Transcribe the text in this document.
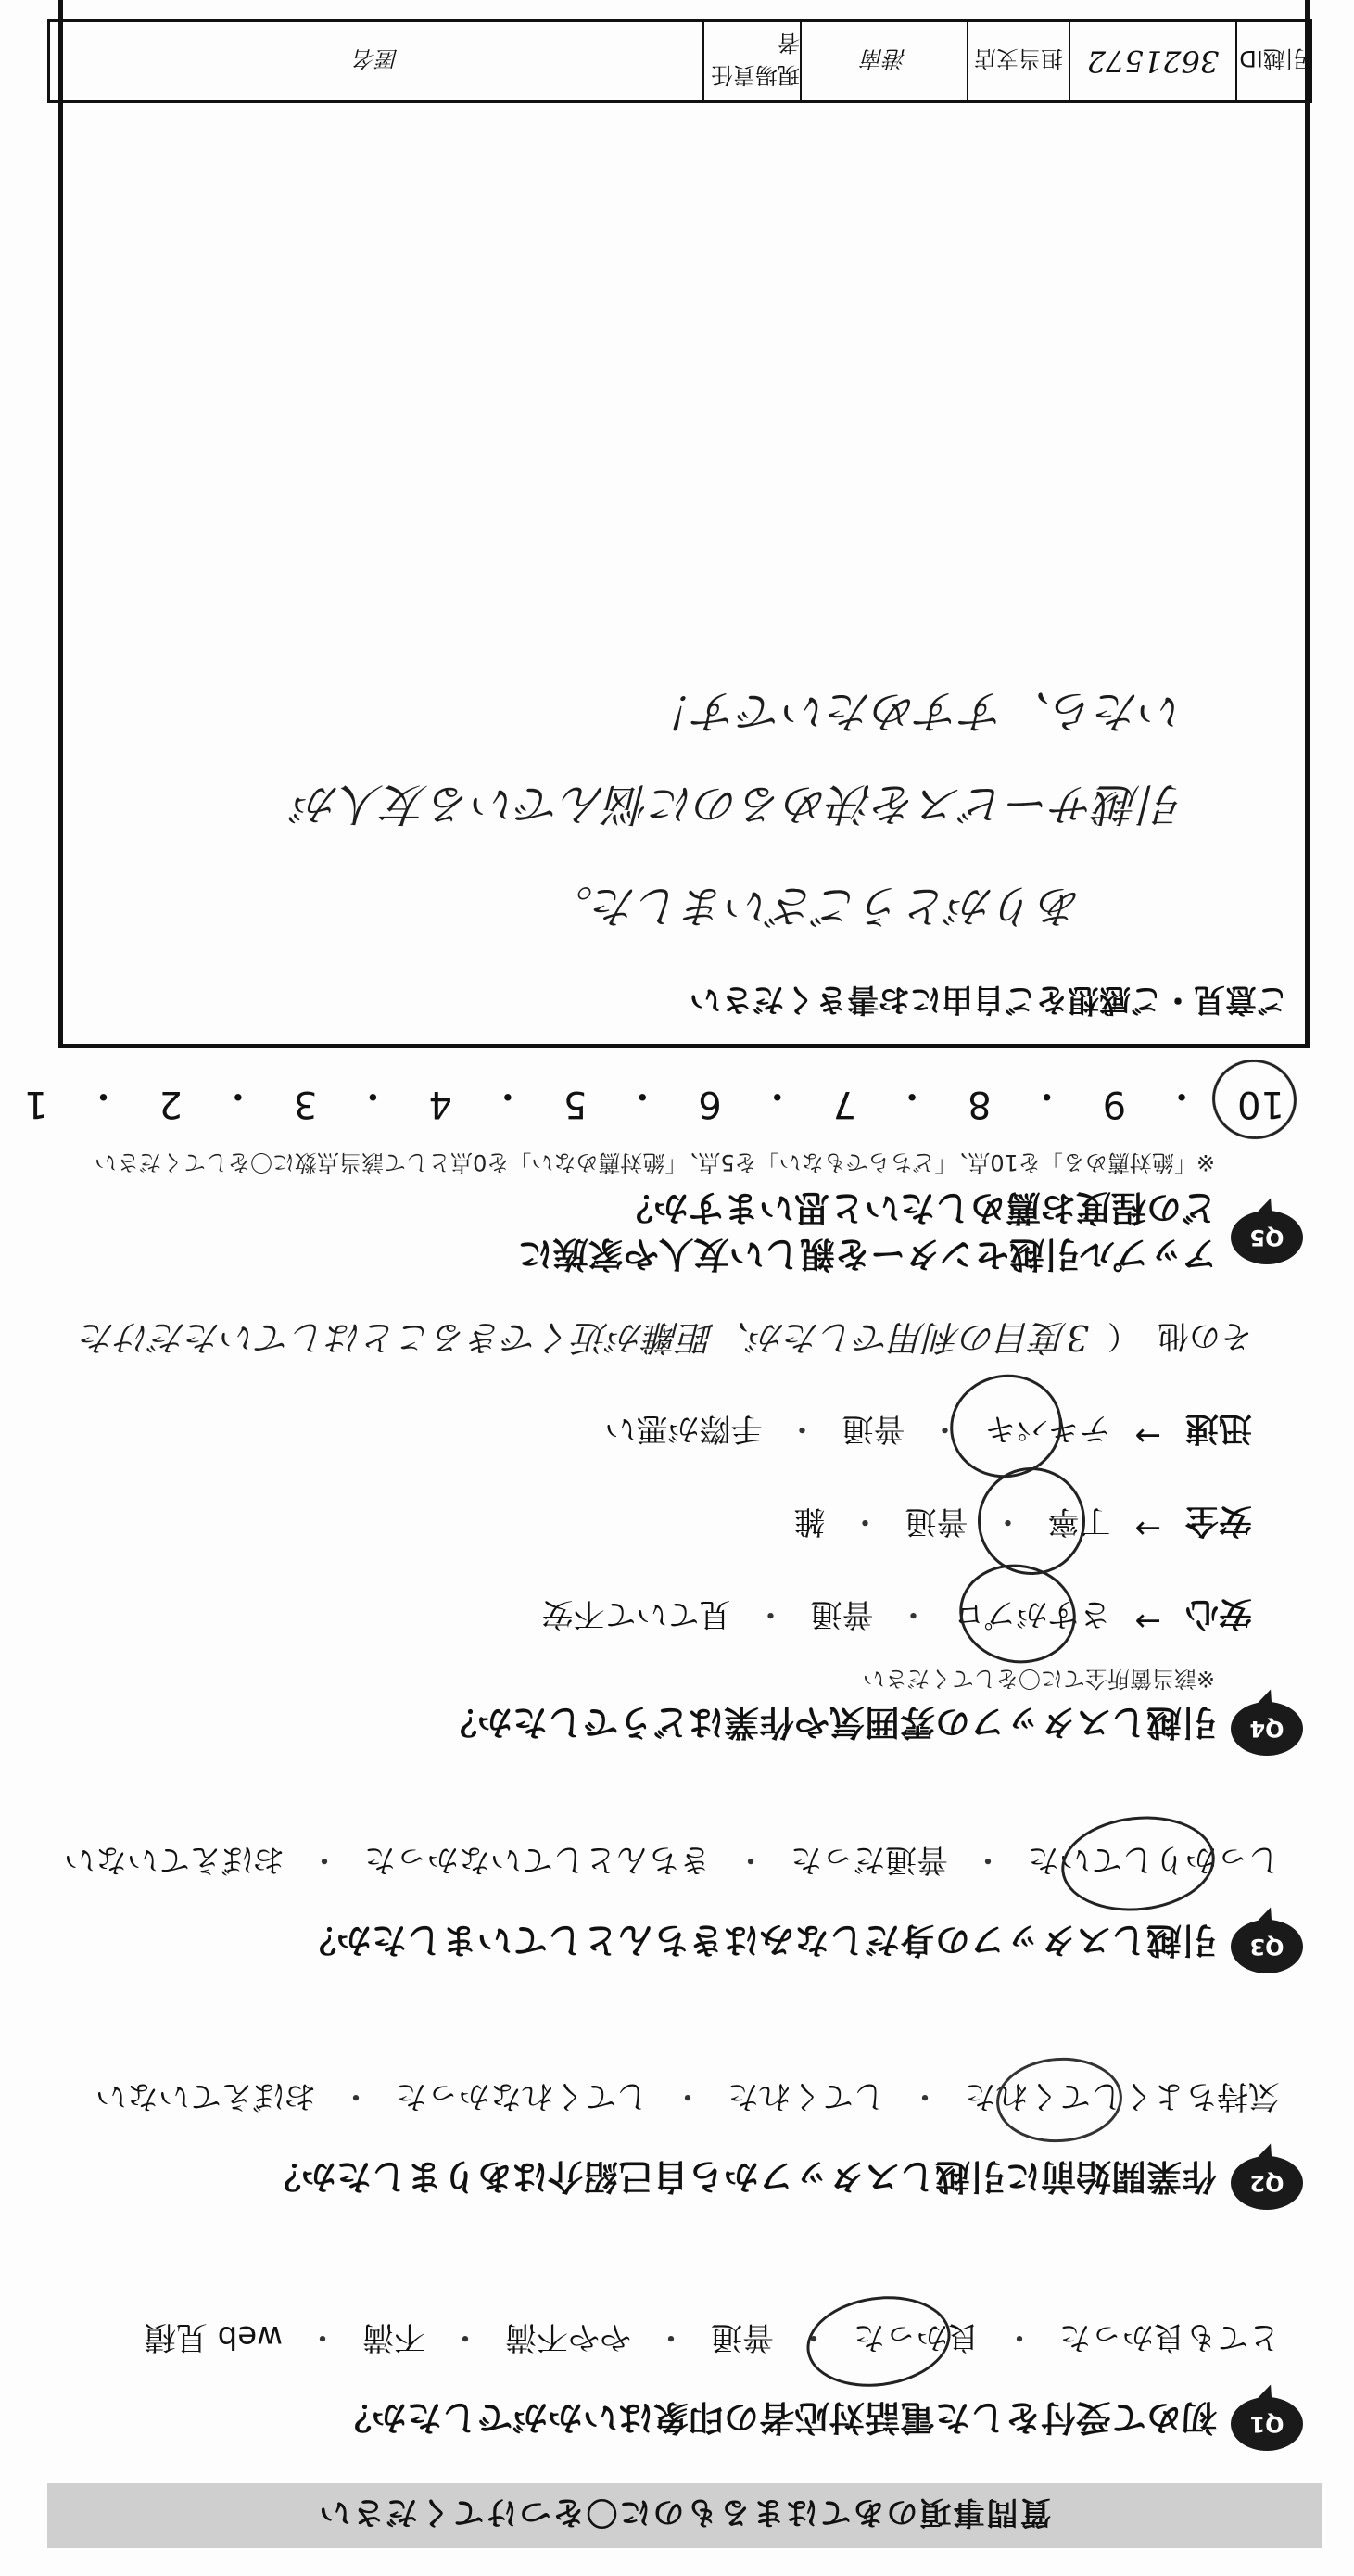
質問事項のあてはまるものに〇をつけてください
Q1
初めて受付をした電話対応者の印象はいかがでしたか？
とても良かった
・
良かった
・
普通
・
やや不満
・
不満
・
web 見積
Q2
作業開始前に引越しスタッフから自己紹介はありましたか？
気持ちよくしてくれた
・
してくれた
・
してくれなかった
・
おぼえていない
Q3
引越しスタッフの身だしなみはきちんとしていましたか？
しっかりしていた
・
普通だった
・
きちんとしていなかった
・
おぼえていない
Q4
引越しスタッフの雰囲気や作業はどうでしたか？
※該当箇所全てに〇をしてください
安心
→
さすがプロ
・
普通
・
見ていて不安
安全
→
丁寧
・
普通
・
雑
迅速
→
テキパキ
・
普通
・
手際が悪い
その他
（
3度目の利用でしたが、距離が近くできることはしていただけた
Q5
アップル引越センターを親しい友人や家族に
どの程度お薦めしたいと思いますか？
※「絶対薦める」を10点、「どちらでもない」を5点、「絶対薦めない」を0点として該当点数に〇をしてください
10
・
9
・
8
・
7
・
6
・
5
・
4
・
3
・
2
・
1
ご意見・ご感想をご自由にお書きください
ありがとうございました。
引越サービスを決めるのに悩んでいる友人が
いたら、すすめたいです！
引越ID
3621572
担当支店
港南
現場責任者
匿名
